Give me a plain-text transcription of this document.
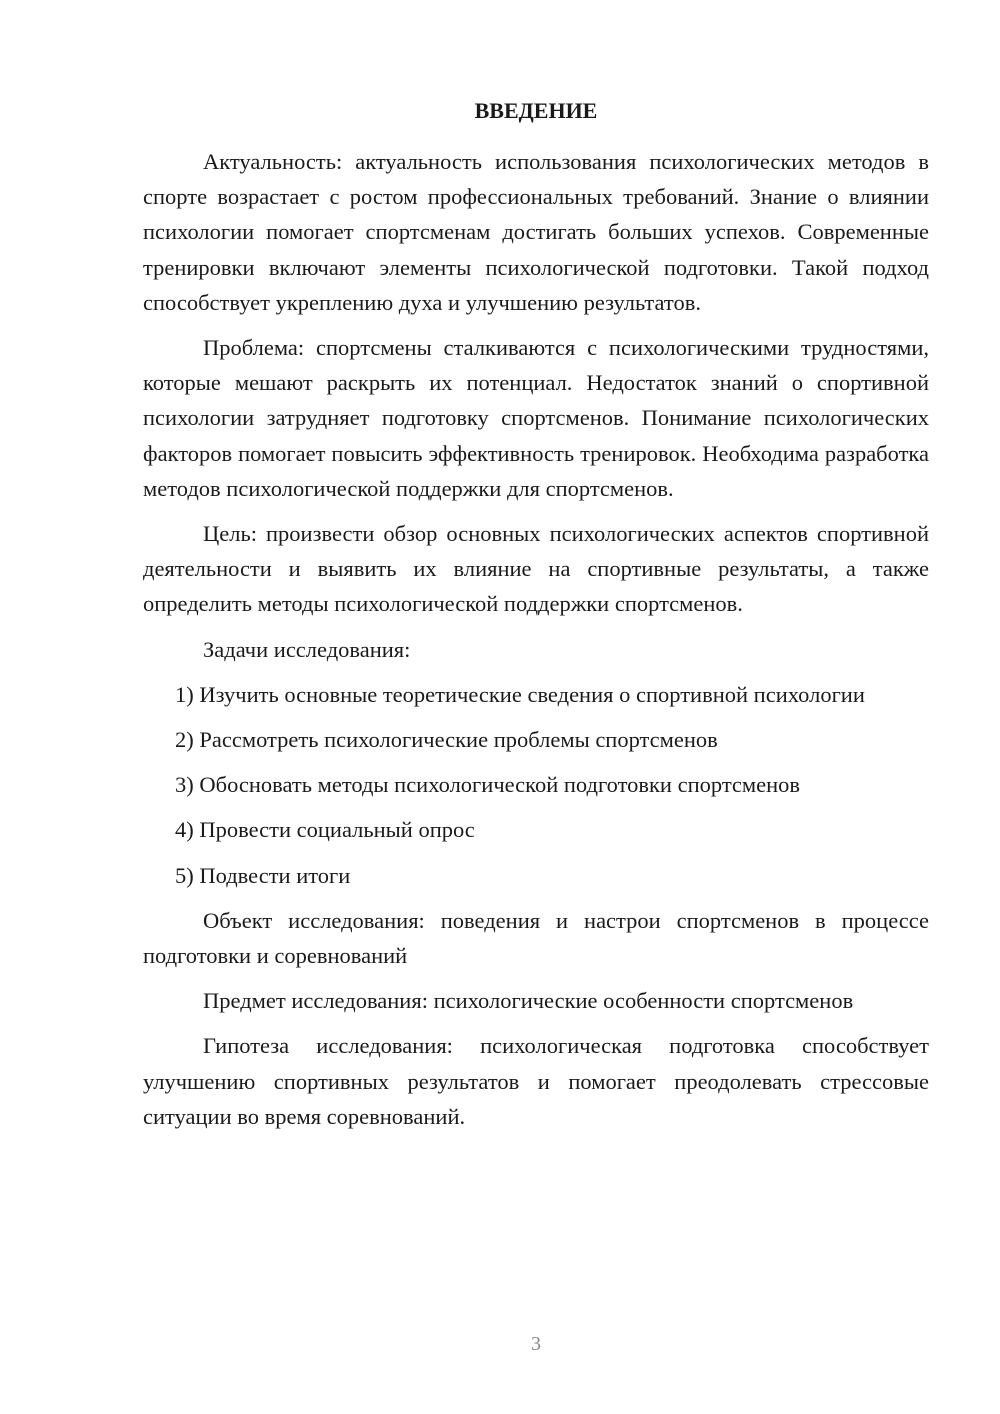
ВВЕДЕНИЕ

Актуальность: актуальность использования психологических методов в спорте возрастает с ростом профессиональных требований. Знание о влиянии психологии помогает спортсменам достигать больших успехов. Современные тренировки включают элементы психологической подготовки. Такой подход способствует укреплению духа и улучшению результатов.

Проблема: спортсмены сталкиваются с психологическими трудностями, которые мешают раскрыть их потенциал. Недостаток знаний о спортивной психологии затрудняет подготовку спортсменов. Понимание психологических факторов помогает повысить эффективность тренировок. Необходима разработка методов психологической поддержки для спортсменов.

Цель: произвести обзор основных психологических аспектов спортивной деятельности и выявить их влияние на спортивные результаты, а также определить методы психологической поддержки спортсменов.

Задачи исследования:

1) Изучить основные теоретические сведения о спортивной психологии

2) Рассмотреть психологические проблемы спортсменов

3) Обосновать методы психологической подготовки спортсменов

4) Провести социальный опрос

5) Подвести итоги

Объект исследования: поведения и настрои спортсменов в процессе подготовки и соревнований

Предмет исследования: психологические особенности спортсменов

Гипотеза исследования: психологическая подготовка способствует улучшению спортивных результатов и помогает преодолевать стрессовые ситуации во время соревнований.

3
